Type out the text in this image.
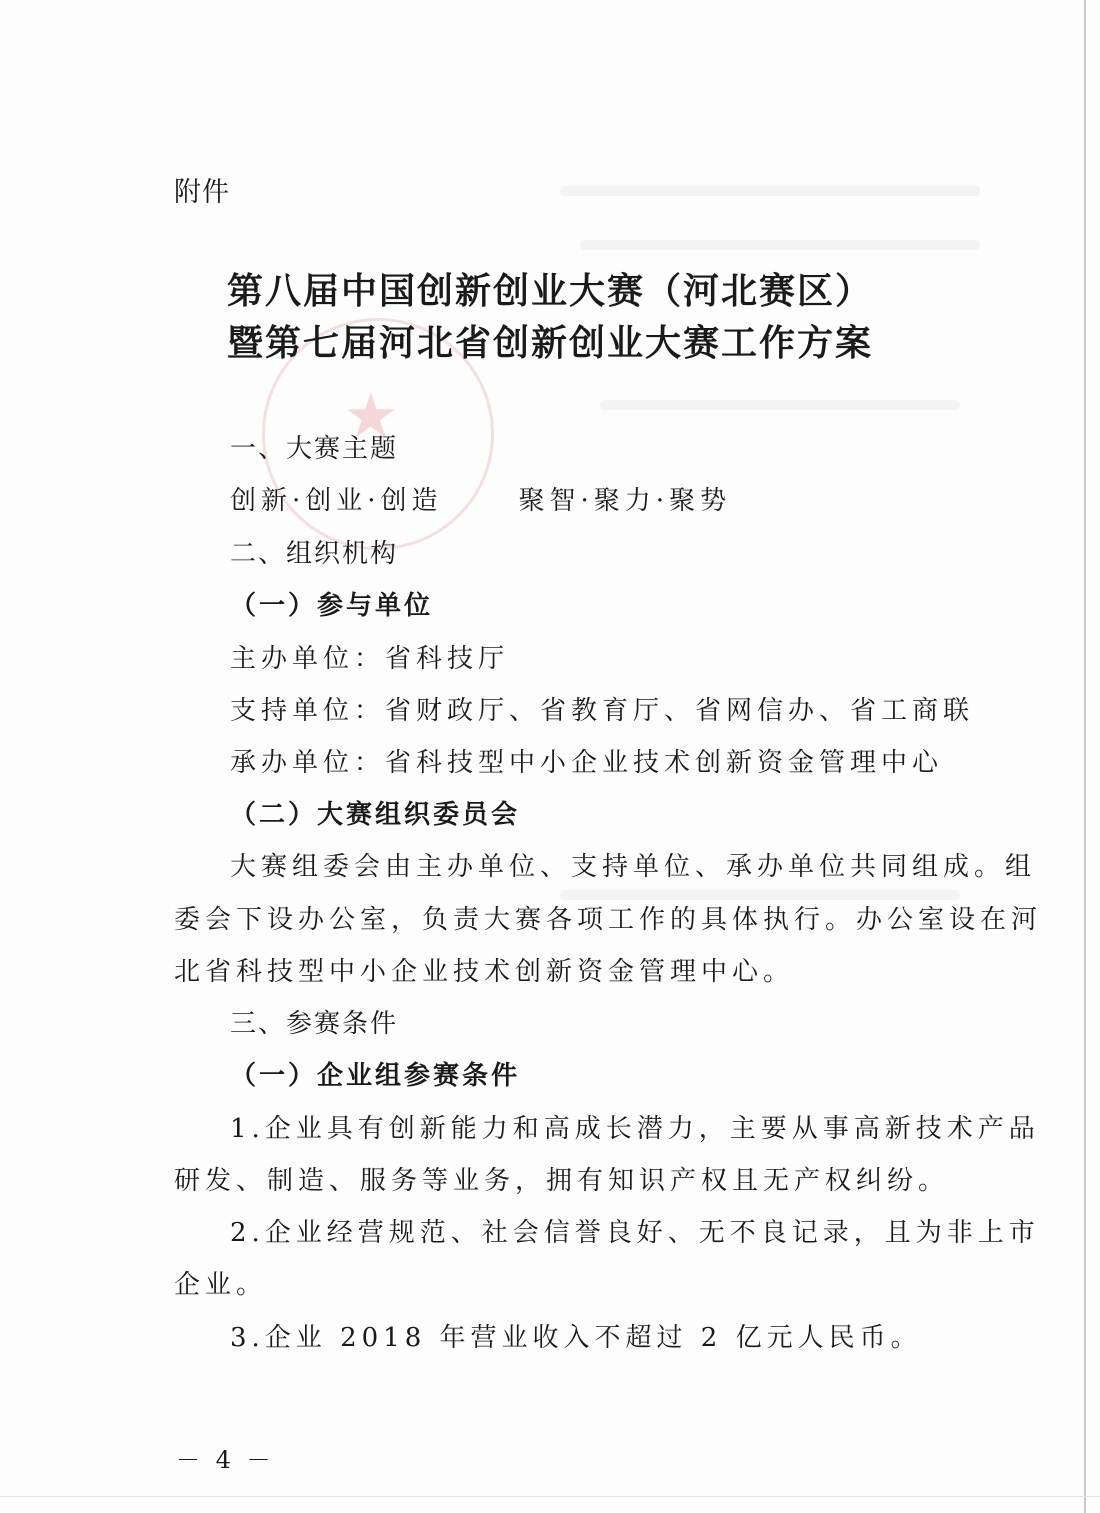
★
附件
第八届中国创新创业大赛（河北赛区）
暨第七届河北省创新创业大赛工作方案
一、大赛主题
创新·创业·创造	聚智·聚力·聚势
二、组织机构
（一）参与单位
主办单位：省科技厅
支持单位：省财政厅、省教育厅、省网信办、省工商联
承办单位：省科技型中小企业技术创新资金管理中心
（二）大赛组织委员会
大赛组委会由主办单位、支持单位、承办单位共同组成。组
委会下设办公室，负责大赛各项工作的具体执行。办公室设在河
北省科技型中小企业技术创新资金管理中心。
三、参赛条件
（一）企业组参赛条件
1.企业具有创新能力和高成长潜力，主要从事高新技术产品
研发、制造、服务等业务，拥有知识产权且无产权纠纷。
2.企业经营规范、社会信誉良好、无不良记录，且为非上市
企业。
3.企业 2018 年营业收入不超过 2 亿元人民币。
－ 4 －
